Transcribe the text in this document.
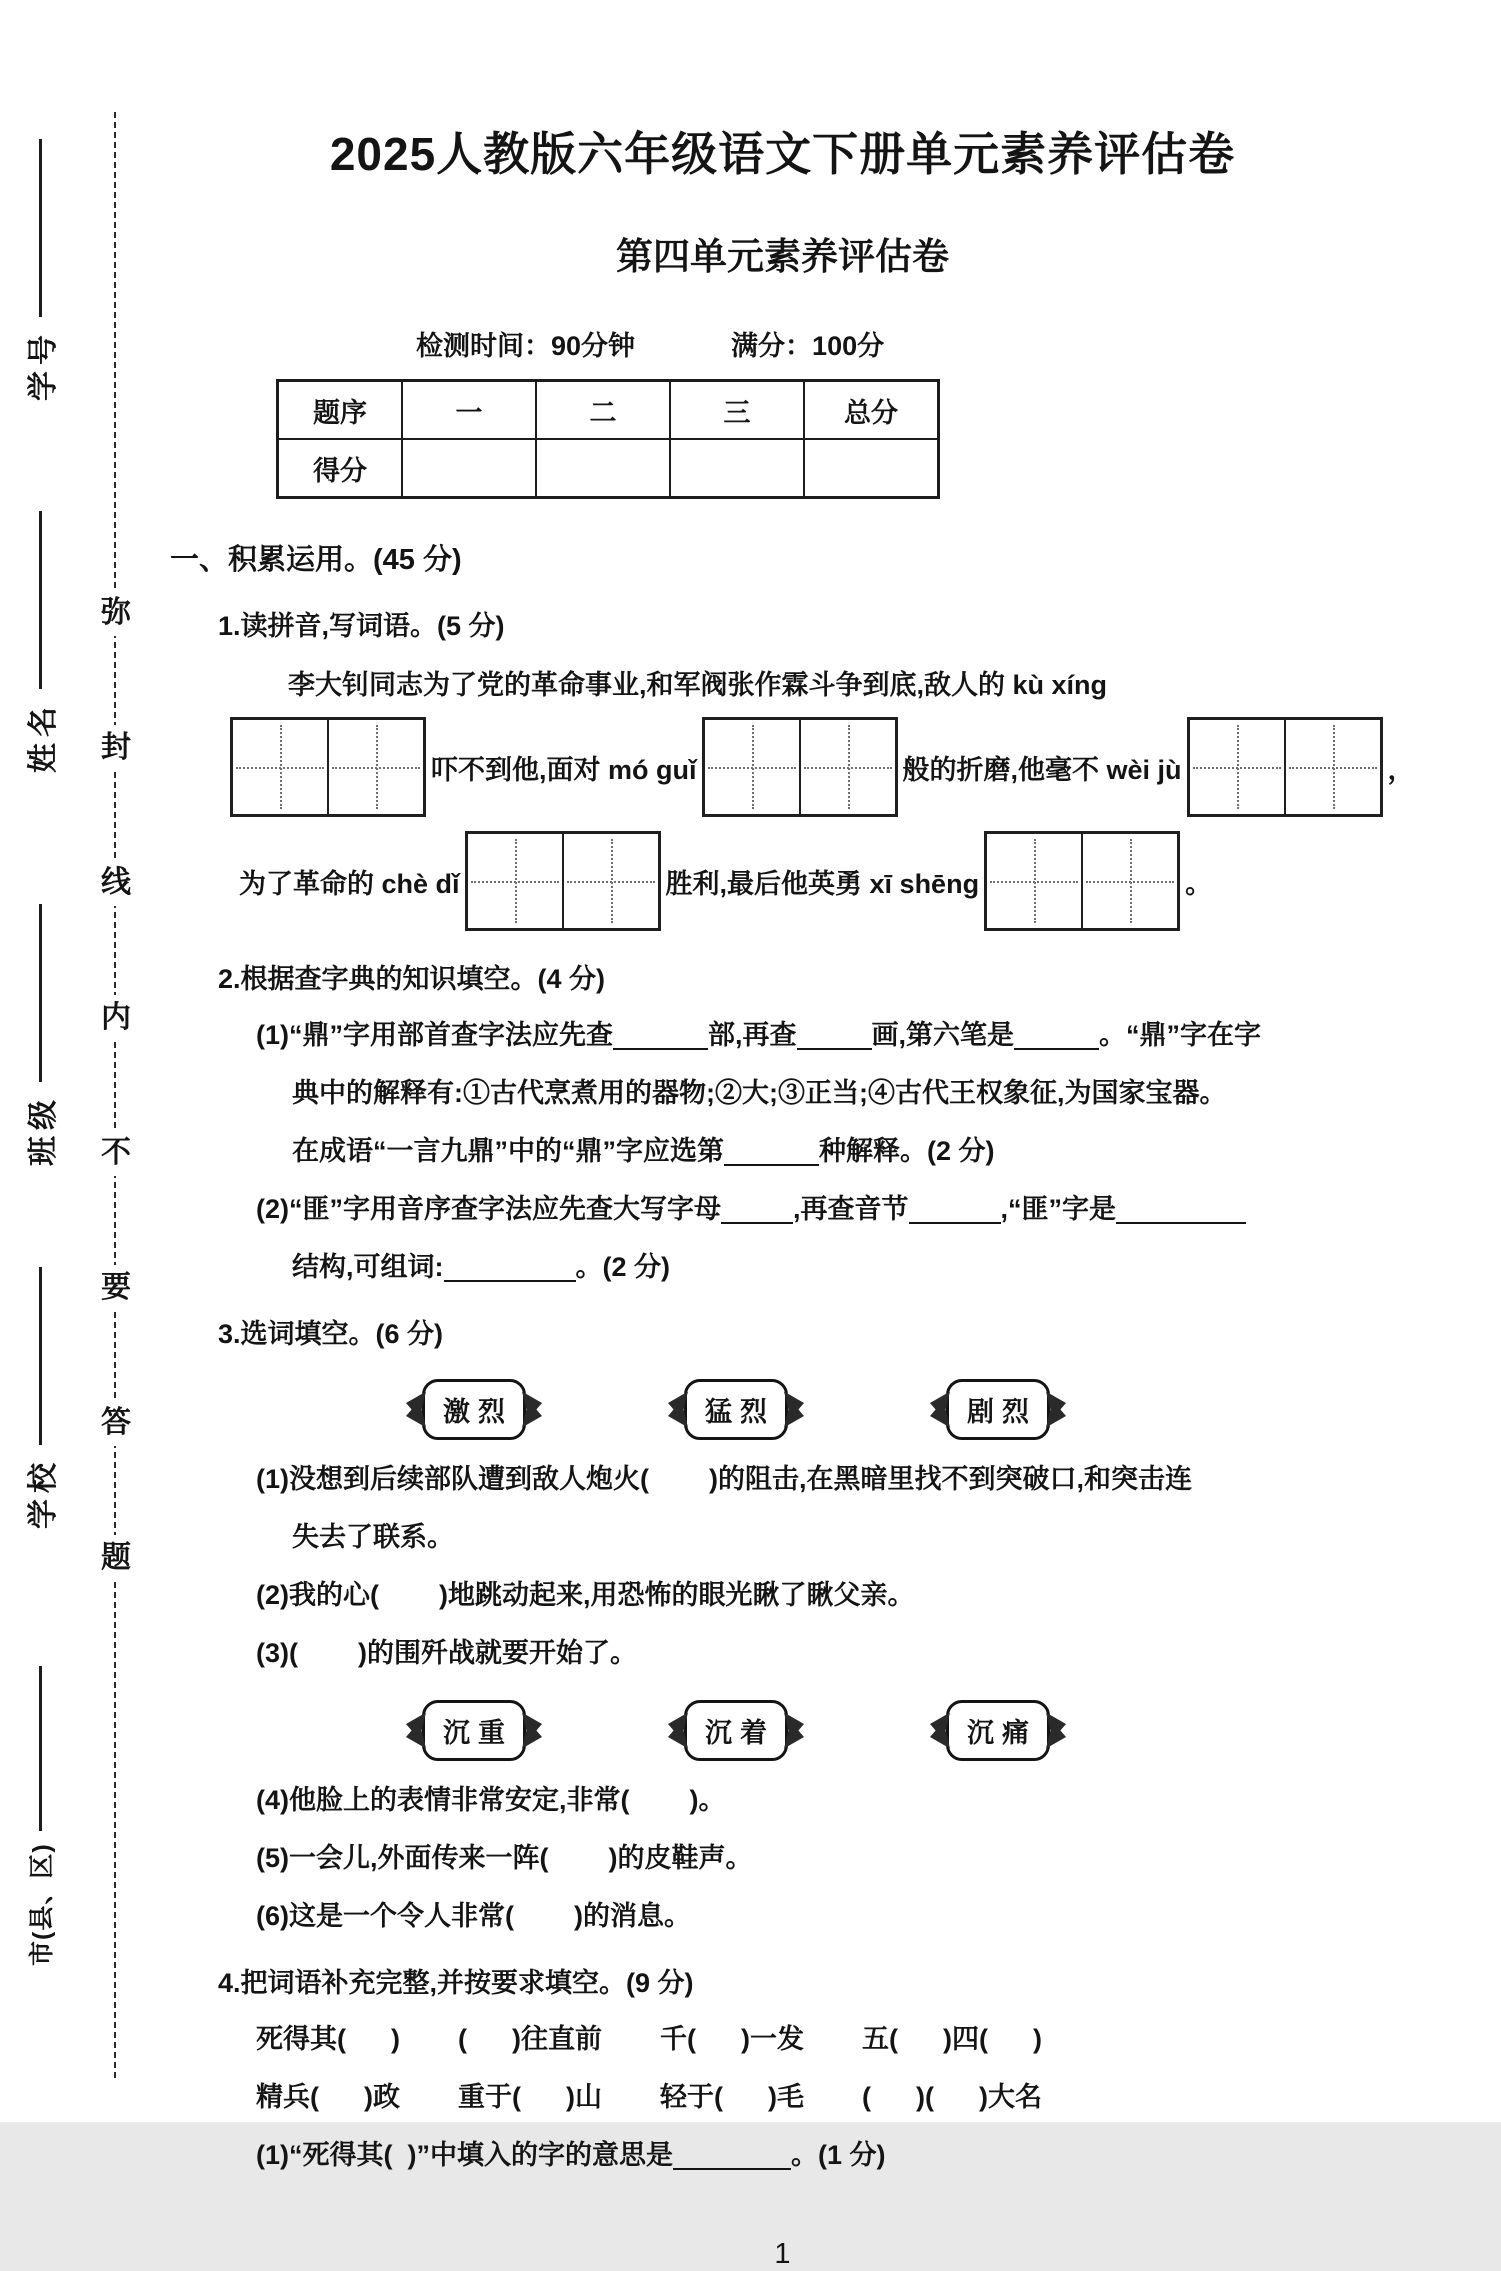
学号
姓名
班级
学校
市(县、区)
弥
封
线
内
不
要
答
题
2025人教版六年级语文下册单元素养评估卷
第四单元素养评估卷
检测时间：90分钟	满分：100分
题序	一	二	三	总分
得分				
一、积累运用。(45 分)
1.读拼音,写词语。(5 分)
李大钊同志为了党的革命事业,和军阀张作霖斗争到底,敌人的 kù xíng
吓不到他,面对 mó guǐ	般的折磨,他毫不 wèi jù	，
为了革命的 chè dǐ	胜利,最后他英勇 xī shēng	。
2.根据查字典的知识填空。(4 分)
(1)“鼎”字用部首查字法应先查	部,再查	画,第六笔是	。“鼎”字在字
典中的解释有:①古代烹煮用的器物;②大;③正当;④古代王权象征,为国家宝器。
在成语“一言九鼎”中的“鼎”字应选第	种解释。(2 分)
(2)“匪”字用音序查字法应先查大写字母	,再查音节	,“匪”字是
结构,可组词:	。(2 分)
3.选词填空。(6 分)
激烈	猛烈	剧烈
(1)没想到后续部队遭到敌人炮火(        )的阻击,在黑暗里找不到突破口,和突击连
失去了联系。
(2)我的心(        )地跳动起来,用恐怖的眼光瞅了瞅父亲。
(3)(        )的围歼战就要开始了。
沉重	沉着	沉痛
(4)他脸上的表情非常安定,非常(        )。
(5)一会儿,外面传来一阵(        )的皮鞋声。
(6)这是一个令人非常(        )的消息。
4.把词语补充完整,并按要求填空。(9 分)
死得其(      ) (      )往直前 千(      )一发 五(      )四(      )
精兵(      )政 重于(      )山 轻于(      )毛 (      )(      )大名
(1)“死得其(  )”中填入的字的意思是	。(1 分)
1
